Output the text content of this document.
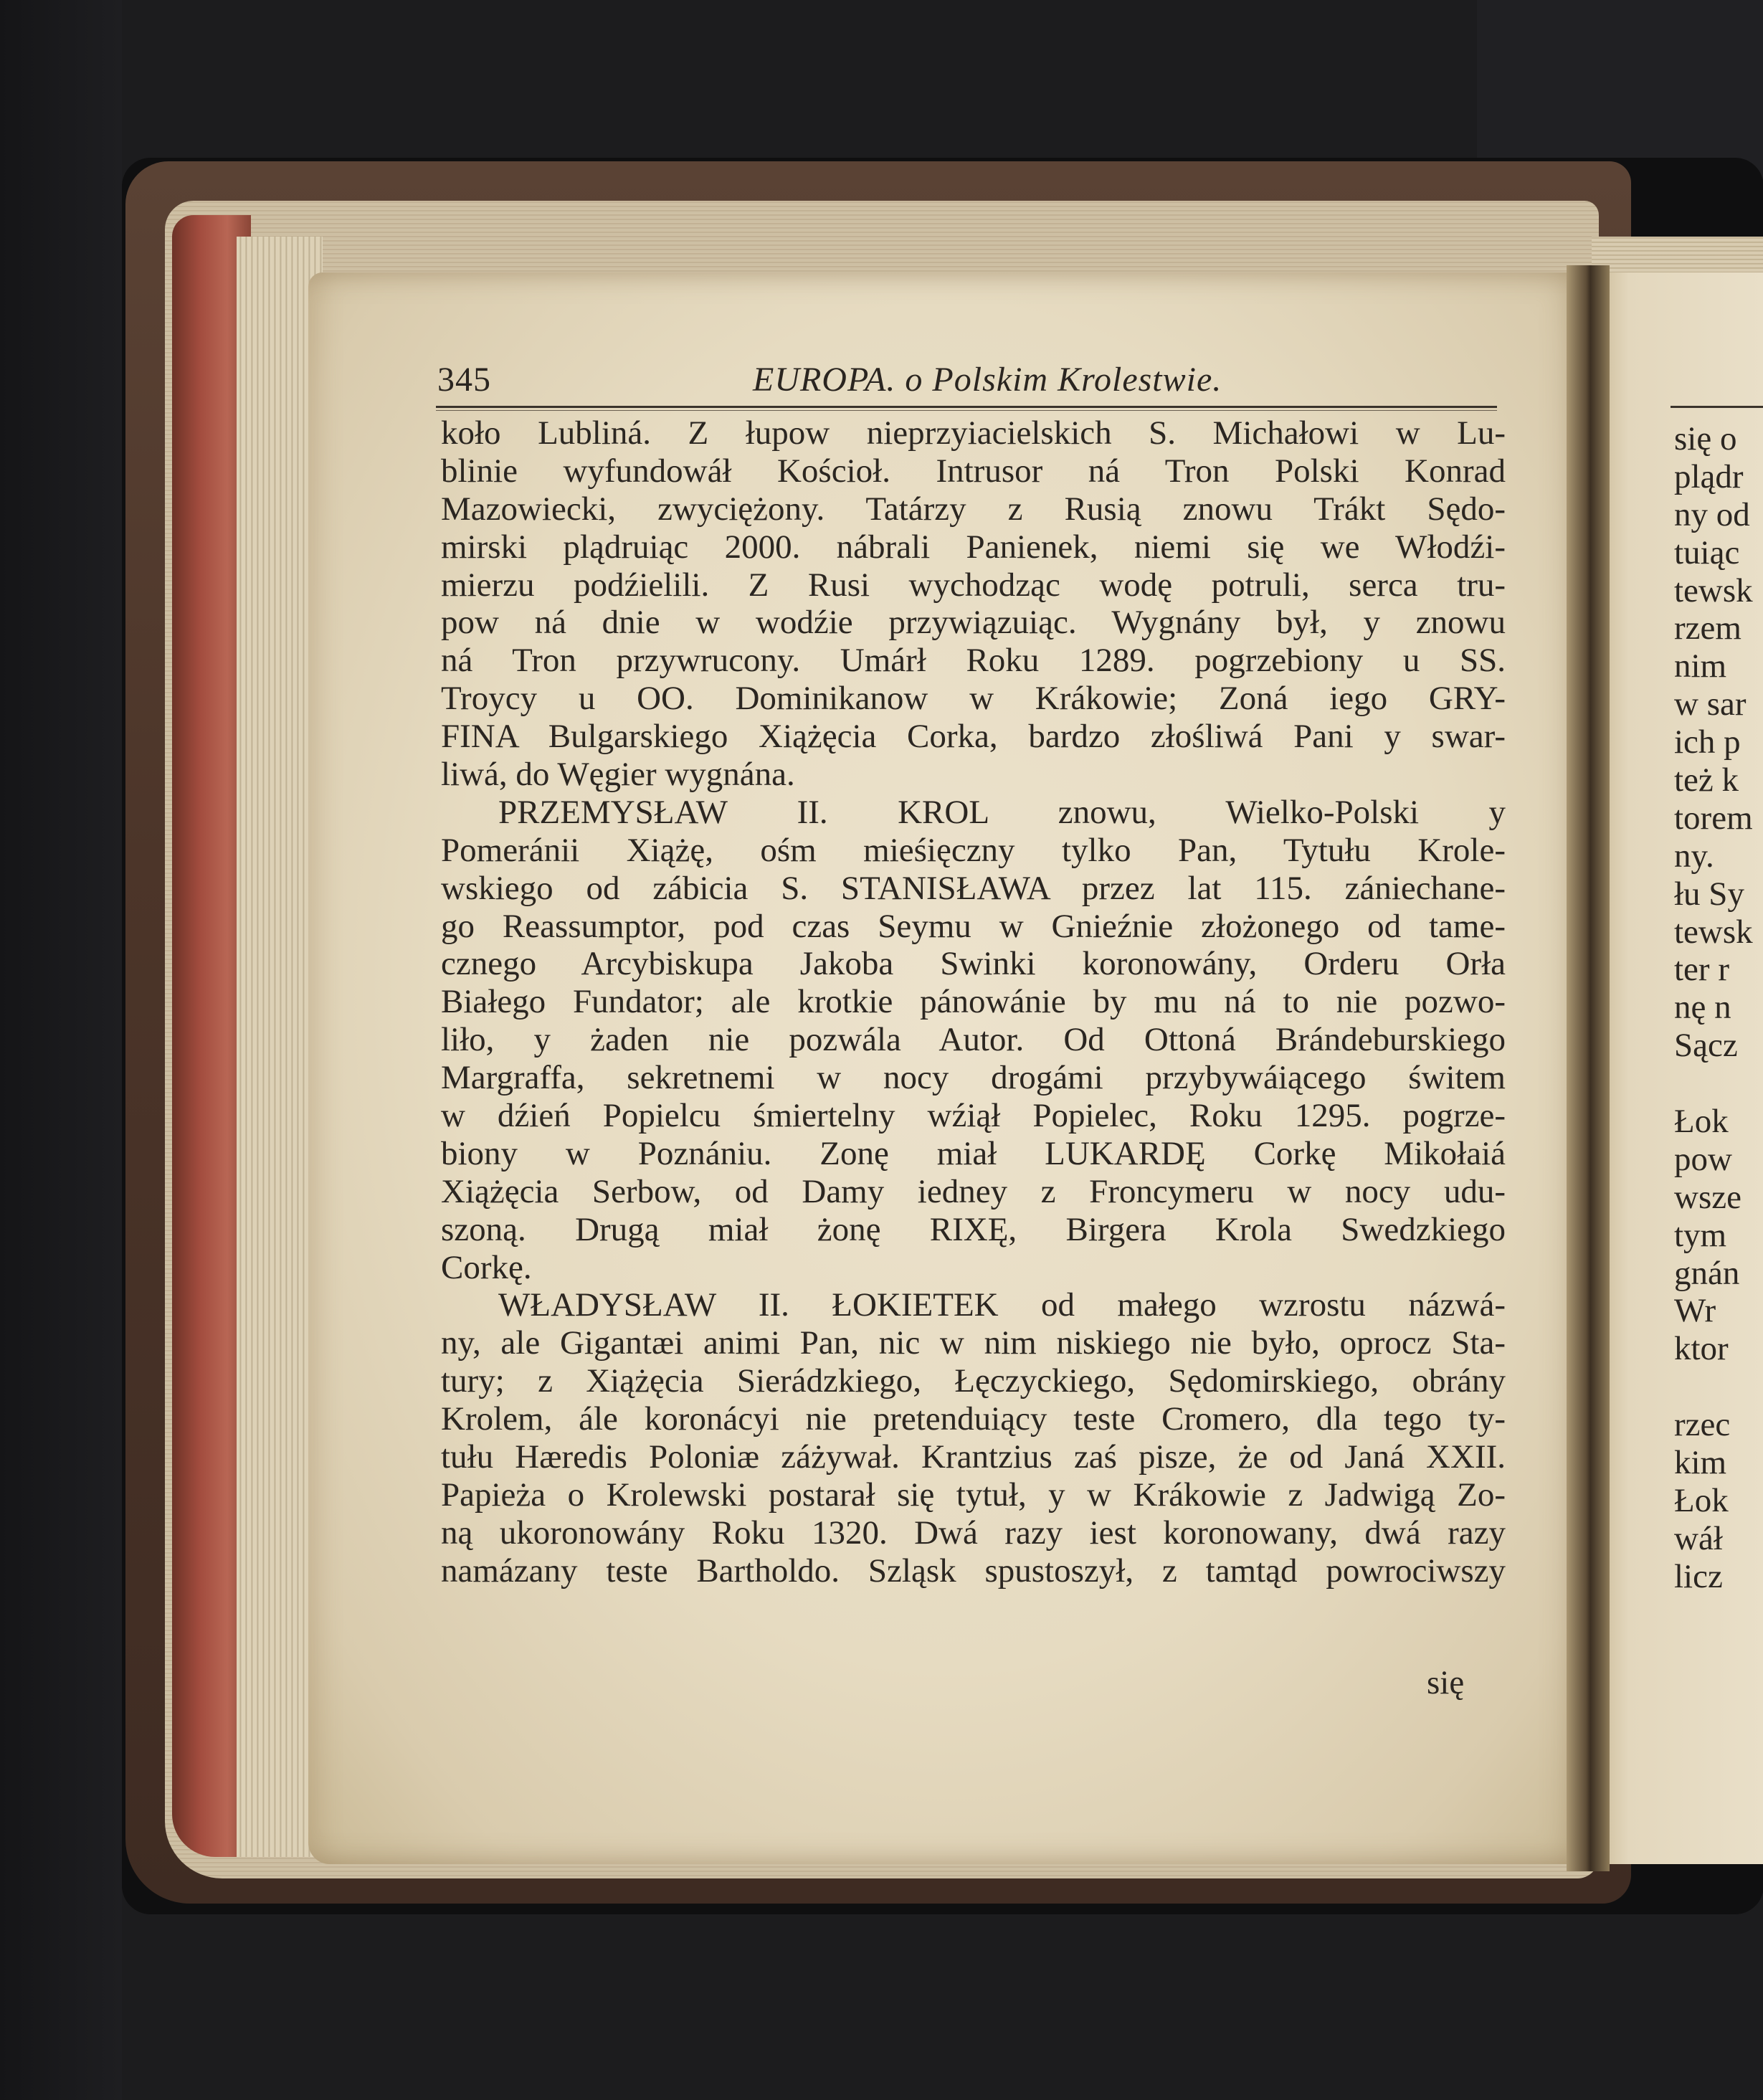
345	EUROPA. o Polskim Krolestwie.
koło Lubliná. Z łupow nieprzyiacielskich S. Michałowi w Lu-
blinie wyfundowáł Kościoł. Intrusor ná Tron Polski Konrad
Mazowiecki, zwyciężony. Tatárzy z Rusią znowu Trákt Sędo-
mirski plądruiąc 2000. nábrali Panienek, niemi się we Włodźi-
mierzu podźielili. Z Rusi wychodząc wodę potruli, serca tru-
pow ná dnie w wodźie przywiązuiąc. Wygnány był, y znowu
ná Tron przywrucony. Umárł Roku 1289. pogrzebiony u SS.
Troycy u OO. Dominikanow w Krákowie; Zoná iego GRY-
FINA Bulgarskiego Xiążęcia Corka, bardzo złośliwá Pani y swar-
liwá, do Węgier wygnána.
PRZEMYSŁAW II. KROL znowu, Wielko-Polski y
Pomeránii Xiążę, ośm mieśięczny tylko Pan, Tytułu Krole-
wskiego od zábicia S. STANISŁAWA przez lat 115. zániechane-
go Reassumptor, pod czas Seymu w Gnieźnie złożonego od tame-
cznego Arcybiskupa Jakoba Swinki koronowány, Orderu Orła
Białego Fundator; ale krotkie pánowánie by mu ná to nie pozwo-
liło, y żaden nie pozwála Autor. Od Ottoná Brándeburskiego
Margraffa, sekretnemi w nocy drogámi przybywáiącego świtem
w dźień Popielcu śmiertelny wźiął Popielec, Roku 1295. pogrze-
biony w Poznániu. Zonę miał LUKARDĘ Corkę Mikołaiá
Xiążęcia Serbow, od Damy iedney z Froncymeru w nocy udu-
szoną. Drugą miał żonę RIXĘ, Birgera Krola Swedzkiego
Corkę.
WŁADYSŁAW II. ŁOKIETEK od małego wzrostu názwá-
ny, ale Gigantæi animi Pan, nic w nim niskiego nie było, oprocz Sta-
tury; z Xiążęcia Sierádzkiego, Łęczyckiego, Sędomirskiego, obrány
Krolem, ále koronácyi nie pretenduiący teste Cromero, dla tego ty-
tułu Hæredis Poloniæ záżywał. Krantzius zaś pisze, że od Janá XXII.
Papieża o Krolewski postarał się tytuł, y w Krákowie z Jadwigą Zo-
ną ukoronowány Roku 1320. Dwá razy iest koronowany, dwá razy
namázany teste Bartholdo. Szląsk spustoszył, z tamtąd powrociwszy
się
się o
plądr
ny od
tuiąc
tewsk
rzem
nim
w sar
ich p
też k
torem
ny.
łu Sy
tewsk
ter r
nę n
Sącz
Łok
pow
wsze
tym
gnán
Wr
ktor
rzec
kim
Łok
wáł
licz
